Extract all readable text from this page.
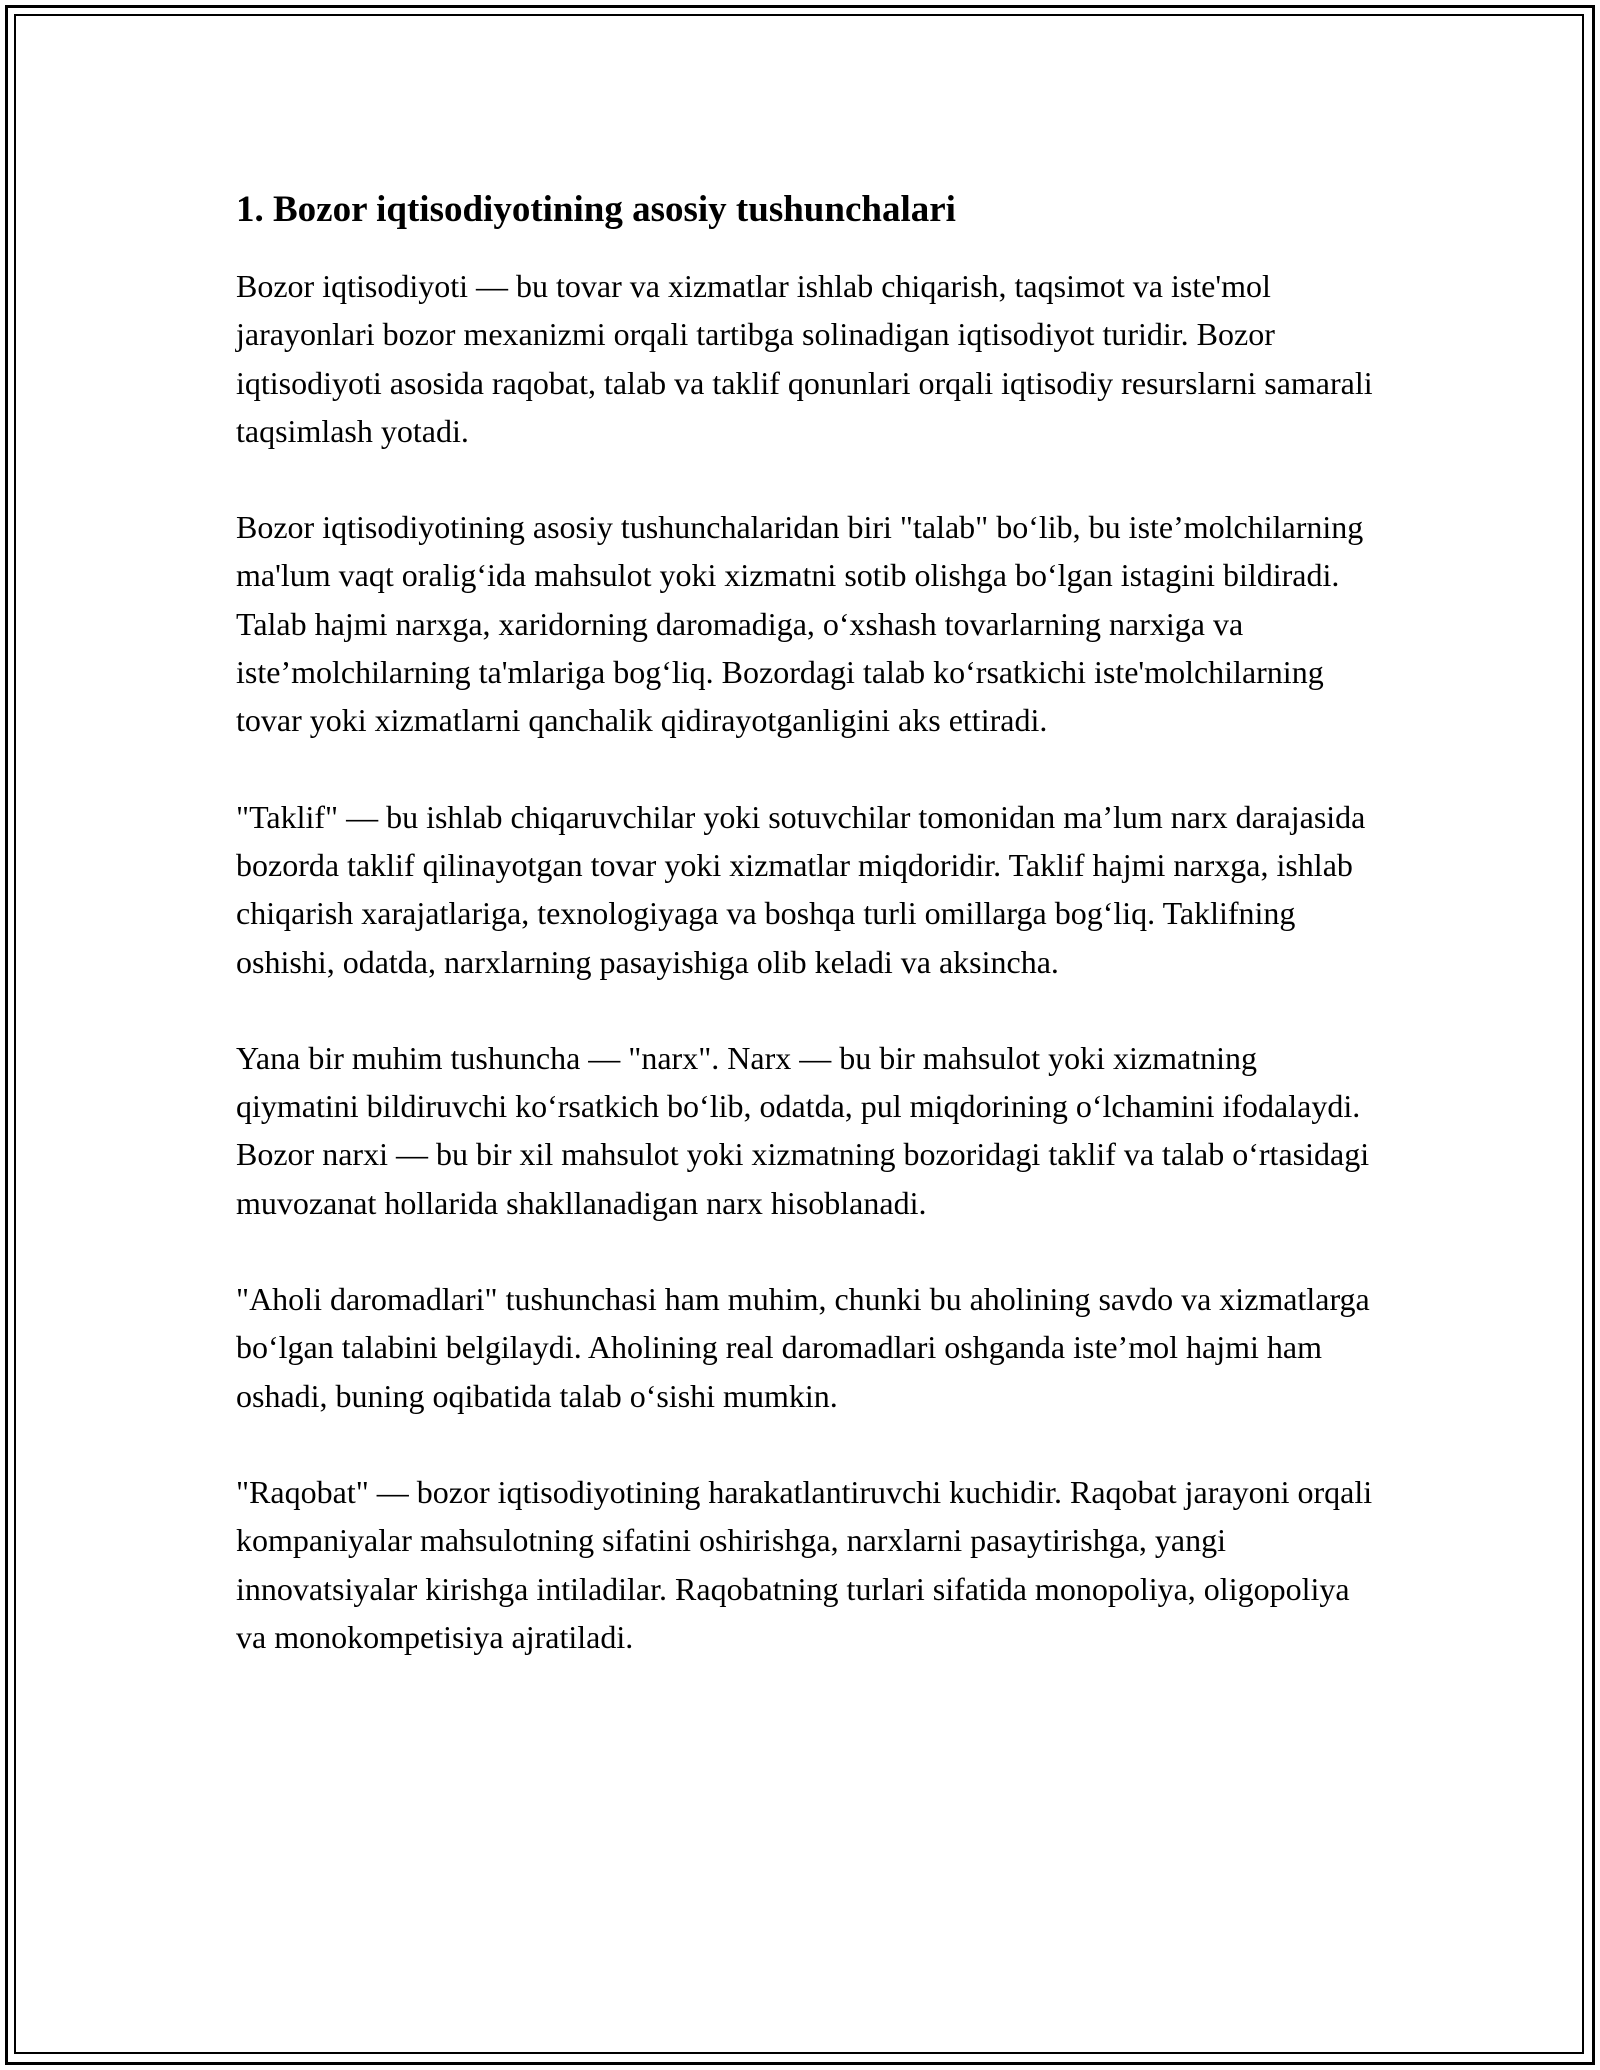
1. Bozor iqtisodiyotining asosiy tushunchalari

Bozor iqtisodiyoti — bu tovar va xizmatlar ishlab chiqarish, taqsimot va iste'mol jarayonlari bozor mexanizmi orqali tartibga solinadigan iqtisodiyot turidir. Bozor iqtisodiyoti asosida raqobat, talab va taklif qonunlari orqali iqtisodiy resurslarni samarali taqsimlash yotadi.

Bozor iqtisodiyotining asosiy tushunchalaridan biri "talab" boʻlib, bu iste’molchilarning ma'lum vaqt oraligʻida mahsulot yoki xizmatni sotib olishga boʻlgan istagini bildiradi. Talab hajmi narxga, xaridorning daromadiga, oʻxshash tovarlarning narxiga va iste’molchilarning ta'mlariga bogʻliq. Bozordagi talab koʻrsatkichi iste'molchilarning tovar yoki xizmatlarni qanchalik qidirayotganligini aks ettiradi.

"Taklif" — bu ishlab chiqaruvchilar yoki sotuvchilar tomonidan ma’lum narx darajasida bozorda taklif qilinayotgan tovar yoki xizmatlar miqdoridir. Taklif hajmi narxga, ishlab chiqarish xarajatlariga, texnologiyaga va boshqa turli omillarga bogʻliq. Taklifning oshishi, odatda, narxlarning pasayishiga olib keladi va aksincha.

Yana bir muhim tushuncha — "narx". Narx — bu bir mahsulot yoki xizmatning qiymatini bildiruvchi koʻrsatkich boʻlib, odatda, pul miqdorining oʻlchamini ifodalaydi. Bozor narxi — bu bir xil mahsulot yoki xizmatning bozoridagi taklif va talab oʻrtasidagi muvozanat hollarida shakllanadigan narx hisoblanadi.

"Aholi daromadlari" tushunchasi ham muhim, chunki bu aholining savdo va xizmatlarga boʻlgan talabini belgilaydi. Aholining real daromadlari oshganda iste’mol hajmi ham oshadi, buning oqibatida talab oʻsishi mumkin.

"Raqobat" — bozor iqtisodiyotining harakatlantiruvchi kuchidir. Raqobat jarayoni orqali kompaniyalar mahsulotning sifatini oshirishga, narxlarni pasaytirishga, yangi innovatsiyalar kirishga intiladilar. Raqobatning turlari sifatida monopoliya, oligopoliya va monokompetisiya ajratiladi.
